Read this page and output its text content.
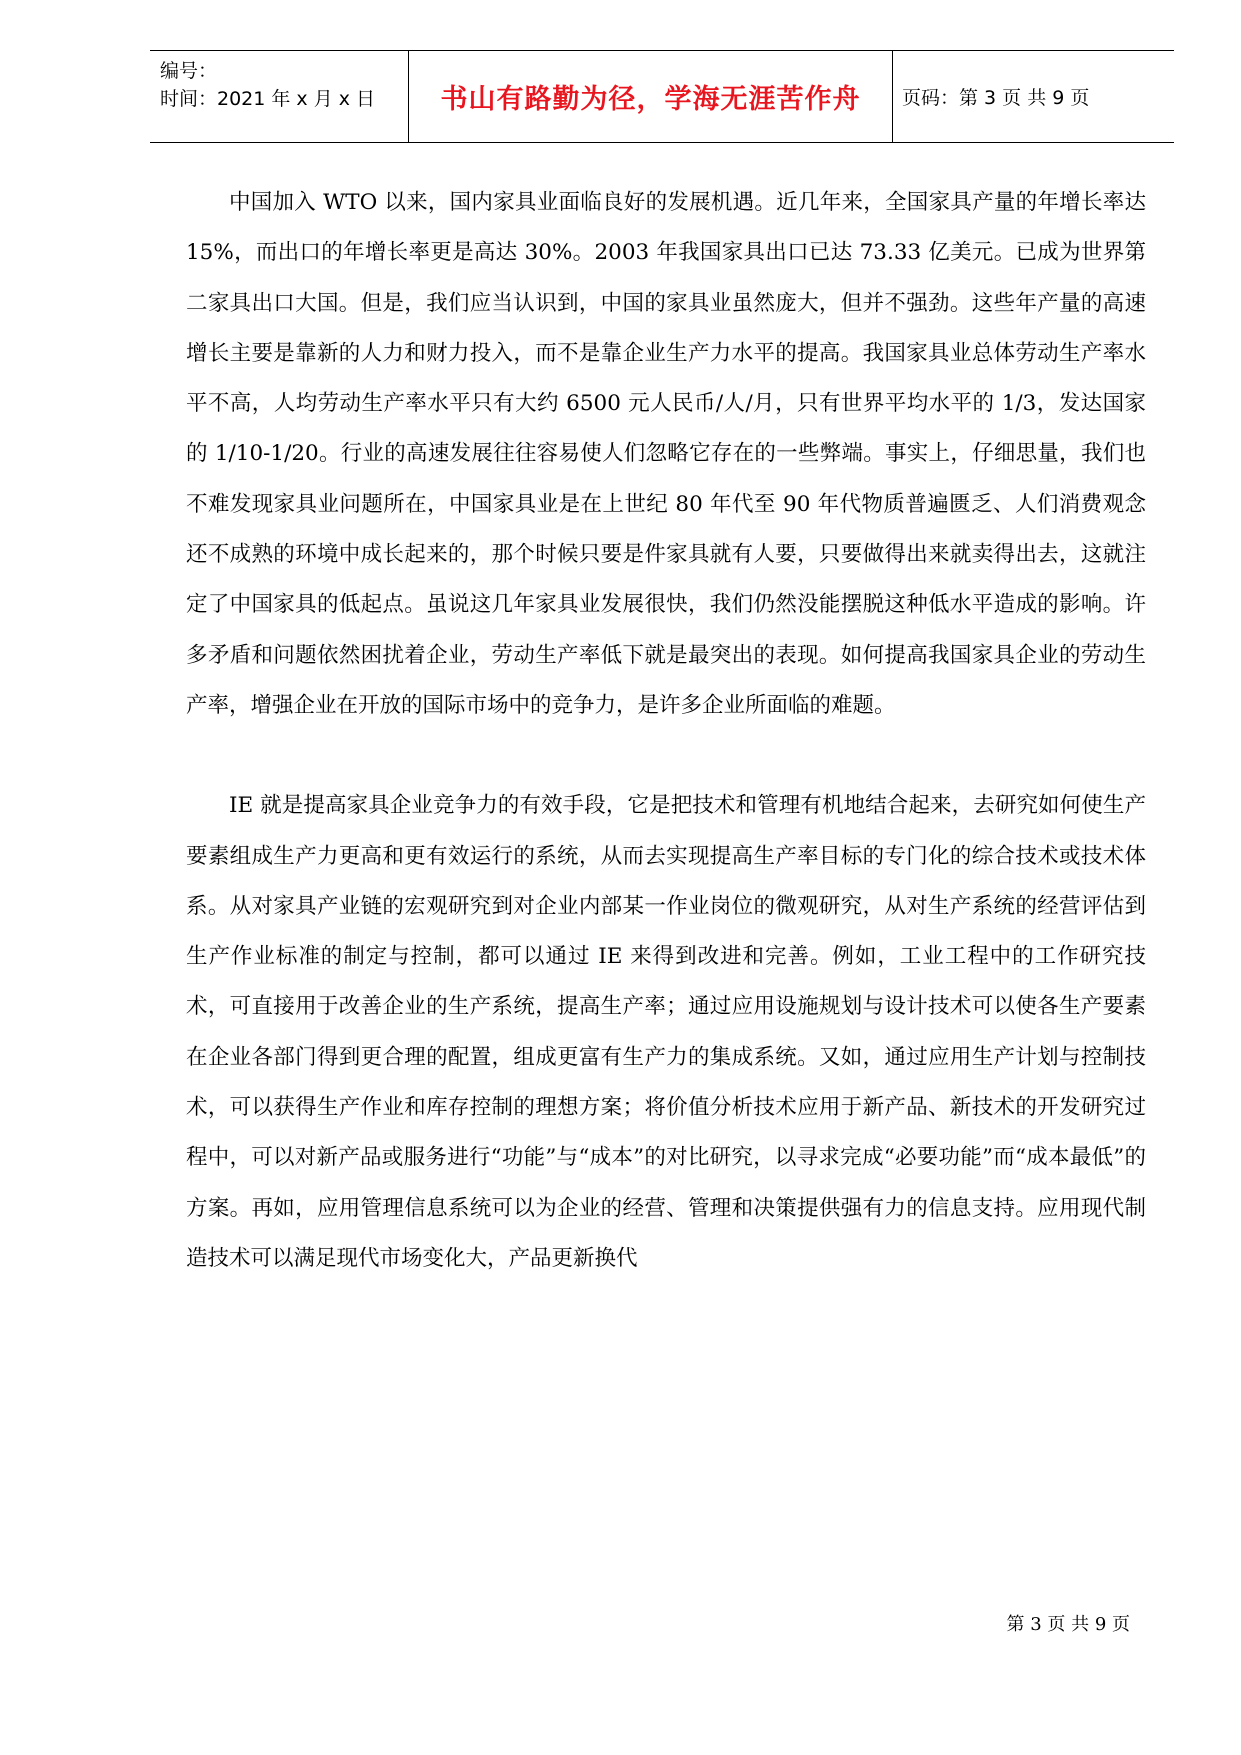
编号：
时间：2021 年 x 月 x 日	书山有路勤为径，学海无涯苦作舟	页码：第 3 页 共 9 页

中国加入 WTO 以来，国内家具业面临良好的发展机遇。近几年来，全国家具产量的年增长率达 15%，而出口的年增长率更是高达 30%。2003 年我国家具出口已达 73.33 亿美元。已成为世界第二家具出口大国。但是，我们应当认识到，中国的家具业虽然庞大，但并不强劲。这些年产量的高速增长主要是靠新的人力和财力投入，而不是靠企业生产力水平的提高。我国家具业总体劳动生产率水平不高，人均劳动生产率水平只有大约 6500 元人民币/人/月，只有世界平均水平的 1/3，发达国家的 1/10-1/20。行业的高速发展往往容易使人们忽略它存在的一些弊端。事实上，仔细思量，我们也不难发现家具业问题所在，中国家具业是在上世纪 80 年代至 90 年代物质普遍匮乏、人们消费观念还不成熟的环境中成长起来的，那个时候只要是件家具就有人要，只要做得出来就卖得出去，这就注定了中国家具的低起点。虽说这几年家具业发展很快，我们仍然没能摆脱这种低水平造成的影响。许多矛盾和问题依然困扰着企业，劳动生产率低下就是最突出的表现。如何提高我国家具企业的劳动生产率，增强企业在开放的国际市场中的竞争力，是许多企业所面临的难题。

IE 就是提高家具企业竞争力的有效手段，它是把技术和管理有机地结合起来，去研究如何使生产要素组成生产力更高和更有效运行的系统，从而去实现提高生产率目标的专门化的综合技术或技术体系。从对家具产业链的宏观研究到对企业内部某一作业岗位的微观研究，从对生产系统的经营评估到生产作业标准的制定与控制，都可以通过 IE 来得到改进和完善。例如，工业工程中的工作研究技术，可直接用于改善企业的生产系统，提高生产率；通过应用设施规划与设计技术可以使各生产要素在企业各部门得到更合理的配置，组成更富有生产力的集成系统。又如，通过应用生产计划与控制技术，可以获得生产作业和库存控制的理想方案；将价值分析技术应用于新产品、新技术的开发研究过程中，可以对新产品或服务进行“功能”与“成本”的对比研究，以寻求完成“必要功能”而“成本最低”的方案。再如，应用管理信息系统可以为企业的经营、管理和决策提供强有力的信息支持。应用现代制造技术可以满足现代市场变化大，产品更新换代

第 3 页 共 9 页
